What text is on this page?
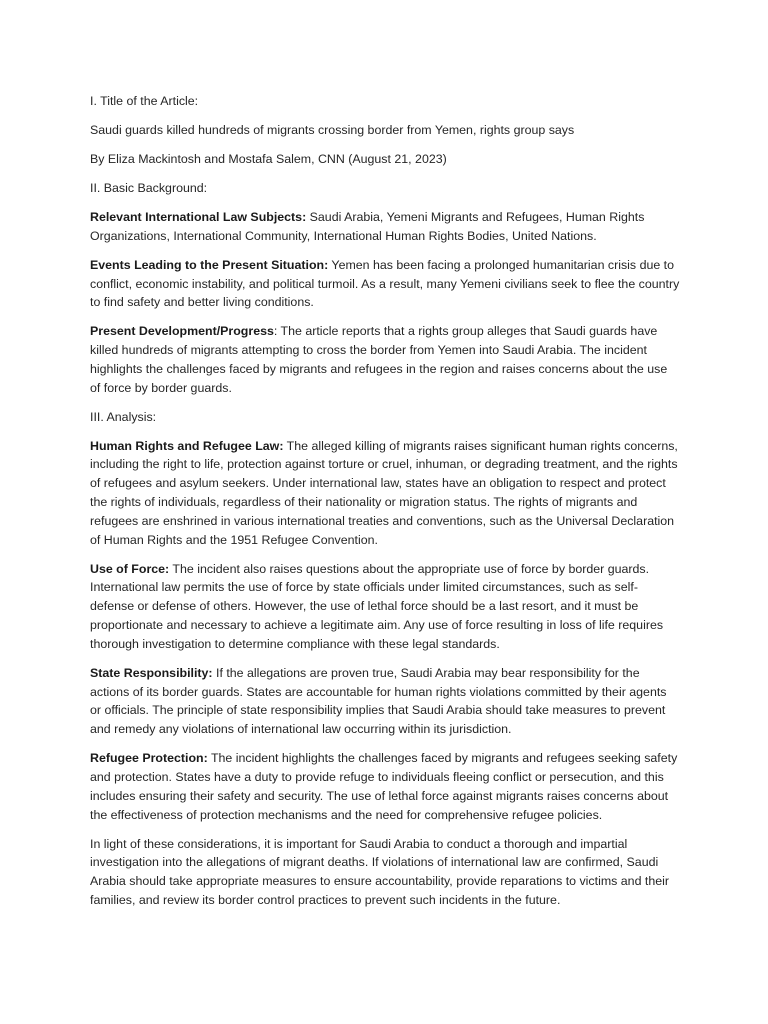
I. Title of the Article:

Saudi guards killed hundreds of migrants crossing border from Yemen, rights group says

By Eliza Mackintosh and Mostafa Salem, CNN (August 21, 2023)

II. Basic Background:

Relevant International Law Subjects: Saudi Arabia, Yemeni Migrants and Refugees, Human Rights Organizations, International Community, International Human Rights Bodies, United Nations.

Events Leading to the Present Situation: Yemen has been facing a prolonged humanitarian crisis due to conflict, economic instability, and political turmoil. As a result, many Yemeni civilians seek to flee the country to find safety and better living conditions.

Present Development/Progress: The article reports that a rights group alleges that Saudi guards have killed hundreds of migrants attempting to cross the border from Yemen into Saudi Arabia. The incident highlights the challenges faced by migrants and refugees in the region and raises concerns about the use of force by border guards.

III. Analysis:

Human Rights and Refugee Law: The alleged killing of migrants raises significant human rights concerns, including the right to life, protection against torture or cruel, inhuman, or degrading treatment, and the rights of refugees and asylum seekers. Under international law, states have an obligation to respect and protect the rights of individuals, regardless of their nationality or migration status. The rights of migrants and refugees are enshrined in various international treaties and conventions, such as the Universal Declaration of Human Rights and the 1951 Refugee Convention.

Use of Force: The incident also raises questions about the appropriate use of force by border guards. International law permits the use of force by state officials under limited circumstances, such as self-defense or defense of others. However, the use of lethal force should be a last resort, and it must be proportionate and necessary to achieve a legitimate aim. Any use of force resulting in loss of life requires thorough investigation to determine compliance with these legal standards.

State Responsibility: If the allegations are proven true, Saudi Arabia may bear responsibility for the actions of its border guards. States are accountable for human rights violations committed by their agents or officials. The principle of state responsibility implies that Saudi Arabia should take measures to prevent and remedy any violations of international law occurring within its jurisdiction.

Refugee Protection: The incident highlights the challenges faced by migrants and refugees seeking safety and protection. States have a duty to provide refuge to individuals fleeing conflict or persecution, and this includes ensuring their safety and security. The use of lethal force against migrants raises concerns about the effectiveness of protection mechanisms and the need for comprehensive refugee policies.

In light of these considerations, it is important for Saudi Arabia to conduct a thorough and impartial investigation into the allegations of migrant deaths. If violations of international law are confirmed, Saudi Arabia should take appropriate measures to ensure accountability, provide reparations to victims and their families, and review its border control practices to prevent such incidents in the future.
